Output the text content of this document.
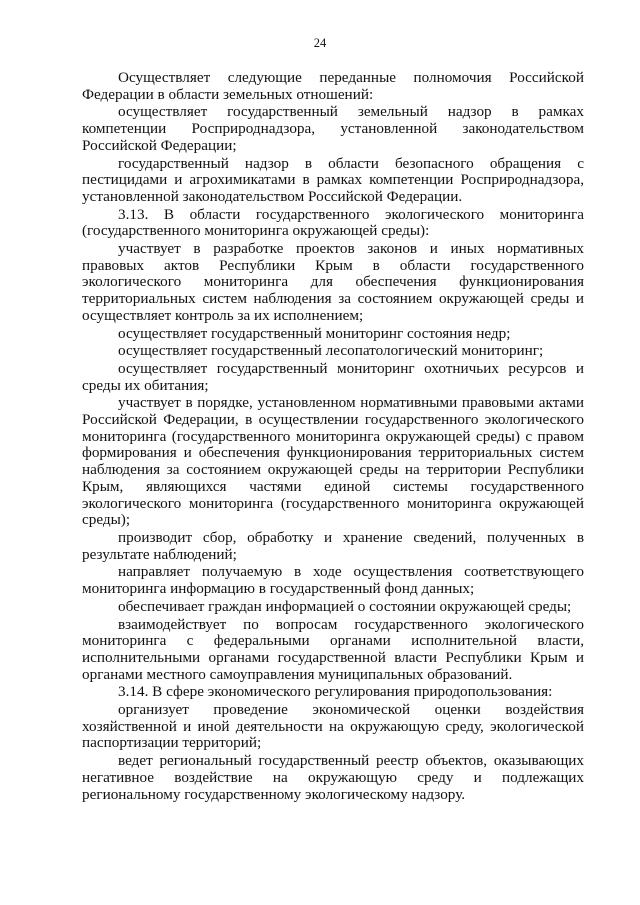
24

Осуществляет следующие переданные полномочия Российской Федерации в области земельных отношений:

осуществляет государственный земельный надзор в рамках компетенции Росприроднадзора, установленной законодательством Российской Федерации;

государственный надзор в области безопасного обращения с пестицидами и агрохимикатами в рамках компетенции Росприроднадзора, установленной законодательством Российской Федерации.

3.13. В области государственного экологического мониторинга (государственного мониторинга окружающей среды):

участвует в разработке проектов законов и иных нормативных правовых актов Республики Крым в области государственного экологического мониторинга для обеспечения функционирования территориальных систем наблюдения за состоянием окружающей среды и осуществляет контроль за их исполнением;

осуществляет государственный мониторинг состояния недр;

осуществляет государственный лесопатологический мониторинг;

осуществляет государственный мониторинг охотничьих ресурсов и среды их обитания;

участвует в порядке, установленном нормативными правовыми актами Российской Федерации, в осуществлении государственного экологического мониторинга (государственного мониторинга окружающей среды) с правом формирования и обеспечения функционирования территориальных систем наблюдения за состоянием окружающей среды на территории Республики Крым, являющихся частями единой системы государственного экологического мониторинга (государственного мониторинга окружающей среды);

производит сбор, обработку и хранение сведений, полученных в результате наблюдений;

направляет получаемую в ходе осуществления соответствующего мониторинга информацию в государственный фонд данных;

обеспечивает граждан информацией о состоянии окружающей среды;

взаимодействует по вопросам государственного экологического мониторинга с федеральными органами исполнительной власти, исполнительными органами государственной власти Республики Крым и органами местного самоуправления муниципальных образований.

3.14. В сфере экономического регулирования природопользования:

организует проведение экономической оценки воздействия хозяйственной и иной деятельности на окружающую среду, экологической паспортизации территорий;

ведет региональный государственный реестр объектов, оказывающих негативное воздействие на окружающую среду и подлежащих региональному государственному экологическому надзору.
